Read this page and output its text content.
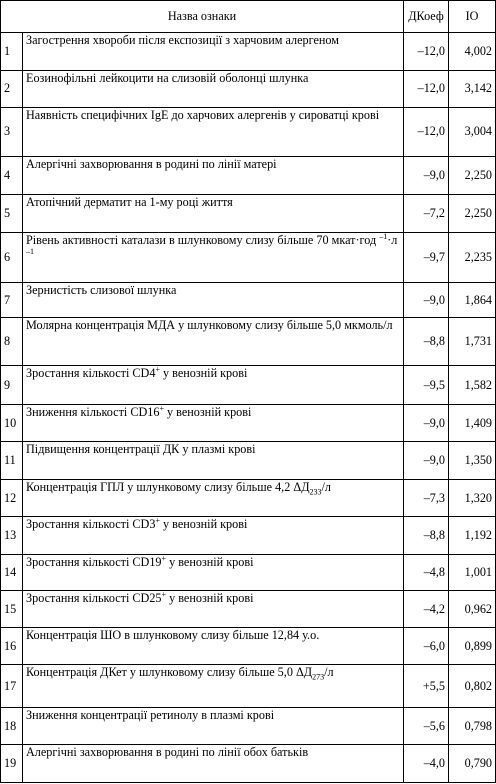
Назва ознаки		ДКоеф	ІО
1	Загострення хвороби після експозиції з харчовим алергеном	–12,0	4,002
2	Еозинофільні лейкоцити на слизовій оболонці шлунка	–12,0	3,142
3	Наявність специфічних IgE до харчових алергенів у сироватці крові	–12,0	3,004
4	Алергічні захворювання в родині по лінії матері	–9,0	2,250
5	Атопічний дерматит на 1-му році життя	–7,2	2,250
6	Рівень активності каталази в шлунковому слизу більше 70 мкат·год $^{-1}$·л $^{-1}$	–9,7	2,235
7	Зернистість слизової шлунка	–9,0	1,864
8	Молярна концентрація МДА у шлунковому слизу більше 5,0 мкмоль/л	–8,8	1,731
9	Зростання кількості CD4+ у венозній крові	–9,5	1,582
10	Зниження кількості CD16+ у венозній крові	–9,0	1,409
11	Підвищення концентрації ДК у плазмі крові	–9,0	1,350
12	Концентрація ГПЛ у шлунковому слизу більше 4,2 $\Delta Д_{233}/л$	–7,3	1,320
13	Зростання кількості CD3+ у венозній крові	–8,8	1,192
14	Зростання кількості CD19+ у венозній крові	–4,8	1,001
15	Зростання кількості CD25+ у венозній крові	–4,2	0,962
16	Концентрація ШО в шлунковому слизу більше 12,84 у.о.	–6,0	0,899
17	Концентрація ДКет у шлунковому слизу більше 5,0 $\Delta Д_{273}/л$	+5,5	0,802
18	Зниження концентрації ретинолу в плазмі крові	–5,6	0,798
19	Алергічні захворювання в родині по лінії обох батьків	–4,0	0,790
